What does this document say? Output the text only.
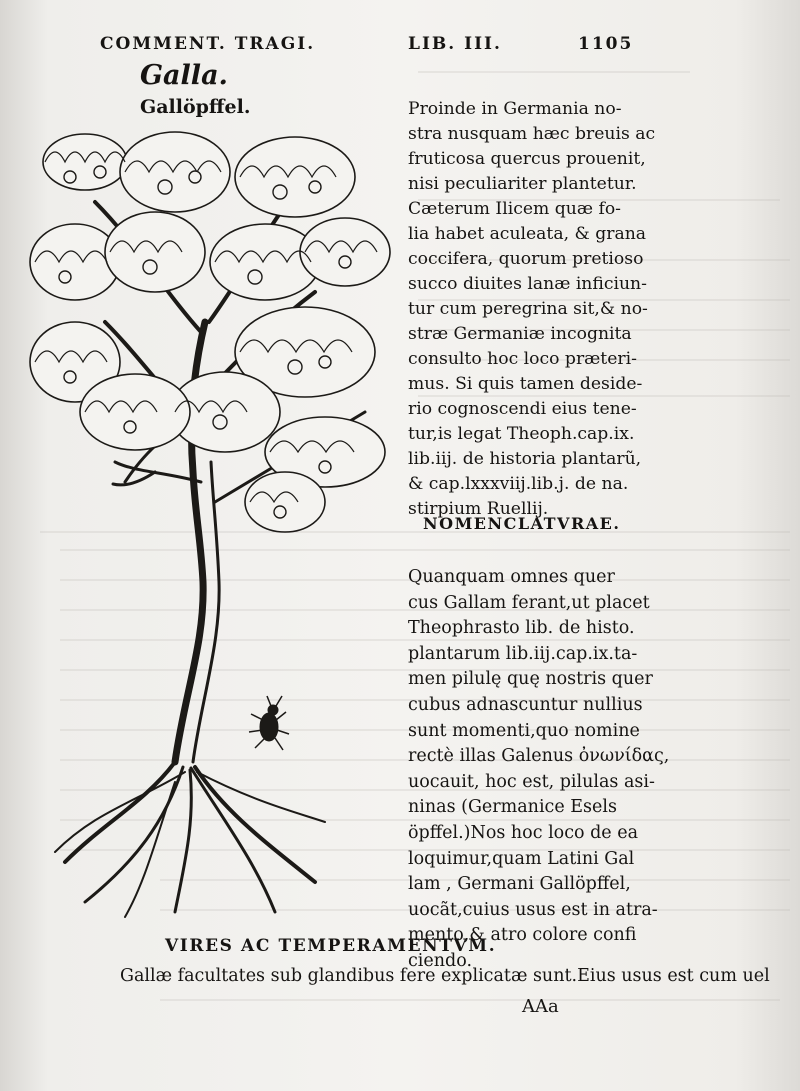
COMMENT. TRAGI.	LIB. III.	1105
Galla.
Gallöpffel.	Proinde in Germania no-
stra nusquam hæc breuis ac
fruticosa quercus prouenit,
nisi peculiariter plantetur.
Cæterum Ilicem quæ fo-
lia habet aculeata, & grana
coccifera, quorum pretioso
succo diuites lanæ inficiun-
tur cum peregrina sit,& no-
stræ Germaniæ incognita
consulto hoc loco præteri-
mus. Si quis tamen deside-
rio cognoscendi eius tene-
tur,is legat Theoph.cap.ix.
lib.iij. de historia plantarũ,
& cap.lxxxviij.lib.j. de na.
stirpium Ruellij.
NOMENCLATVRAE.
Quanquam omnes quer
cus Gallam ferant,ut placet
Theophrasto lib. de histo.
plantarum lib.iij.cap.ix.ta-
men pilulę quę nostris quer
cubus adnascuntur nullius
sunt momenti,quo nomine
rectè illas Galenus ὀνωνίδας,
uocauit, hoc est, pilulas asi-
ninas (Germanice Esels
öpffel.)Nos hoc loco de ea
loquimur,quam Latini Gal
lam , Germani Gallöpffel,
uocãt,cuius usus est in atra-
mento,& atro colore confi
ciendo.
VIRES AC TEMPERAMENTVM.
Gallæ facultates sub glandibus fere explicatæ sunt.Eius usus est cum uel
AAa
